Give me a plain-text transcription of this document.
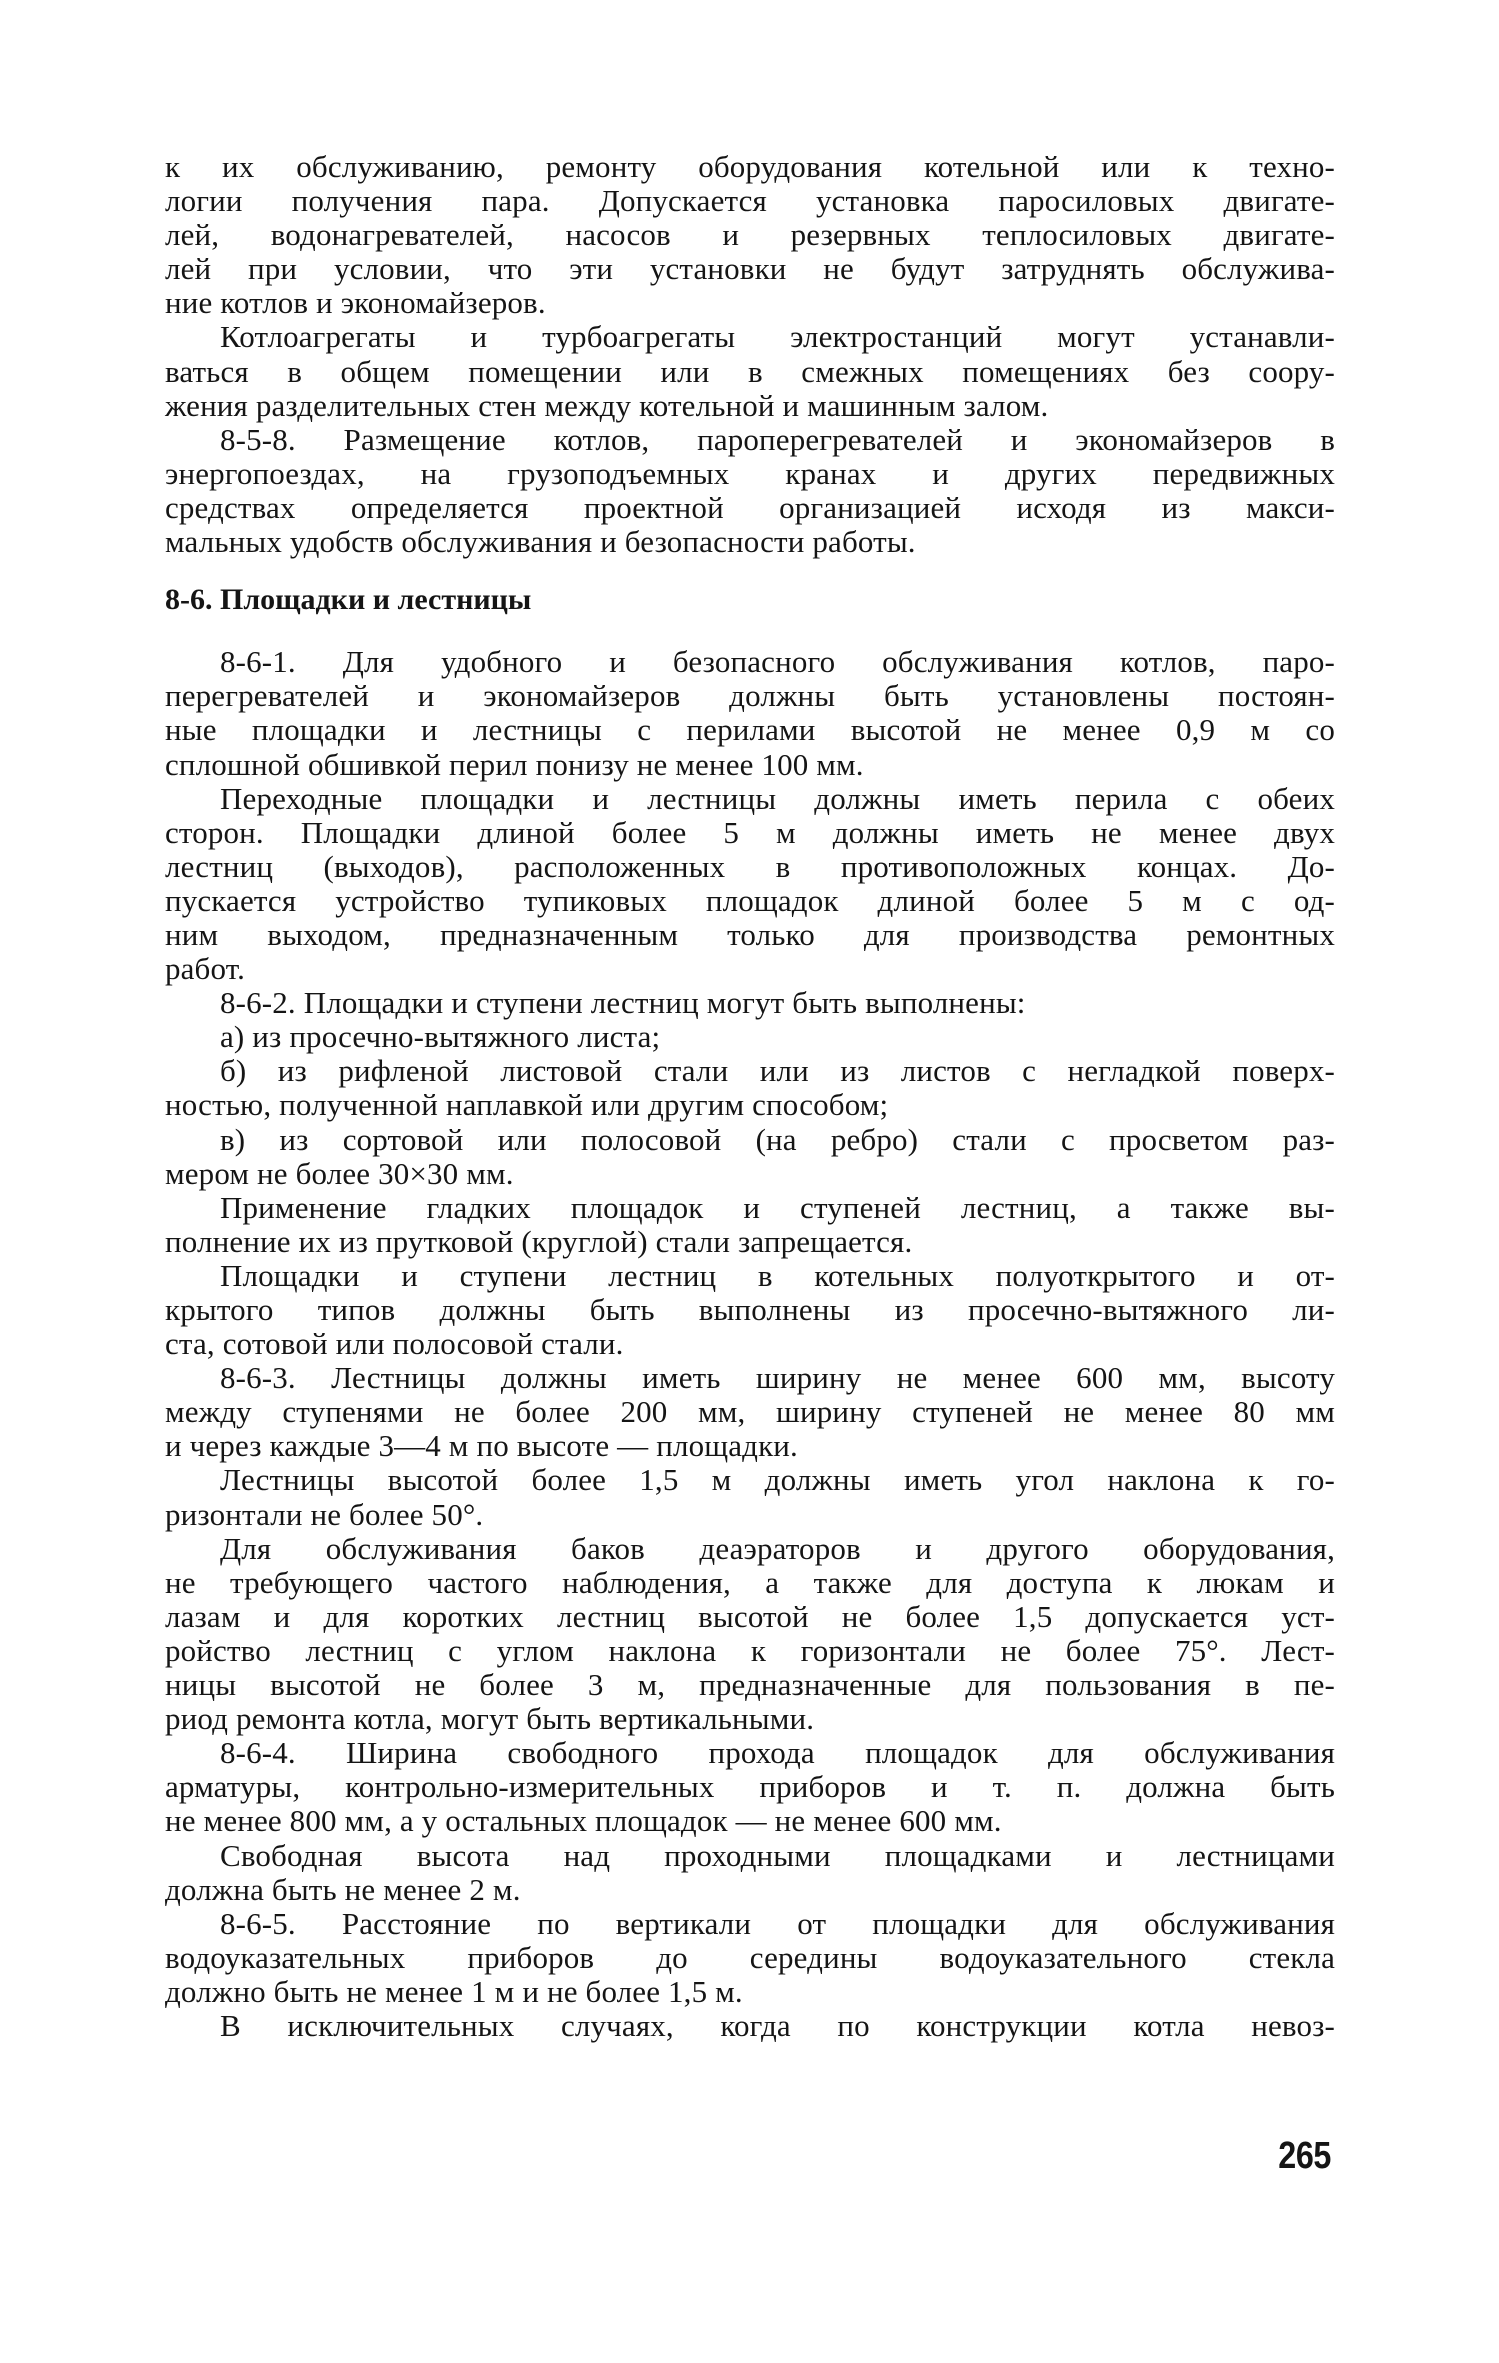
к их обслуживанию, ремонту оборудования котельной или к техно-
логии получения пара. Допускается установка паросиловых двигате-
лей, водонагревателей, насосов и резервных теплосиловых двигате-
лей при условии, что эти установки не будут затруднять обслужива-
ние котлов и экономайзеров.
Котлоагрегаты и турбоагрегаты электростанций могут устанавли-
ваться в общем помещении или в смежных помещениях без соору-
жения разделительных стен между котельной и машинным залом.
8-5-8. Размещение котлов, пароперегревателей и экономайзеров в
энергопоездах, на грузоподъемных кранах и других передвижных
средствах определяется проектной организацией исходя из макси-
мальных удобств обслуживания и безопасности работы.
8-6. Площадки и лестницы
8-6-1. Для удобного и безопасного обслуживания котлов, паро-
перегревателей и экономайзеров должны быть установлены постоян-
ные площадки и лестницы с перилами высотой не менее 0,9 м со
сплошной обшивкой перил понизу не менее 100 мм.
Переходные площадки и лестницы должны иметь перила с обеих
сторон. Площадки длиной более 5 м должны иметь не менее двух
лестниц (выходов), расположенных в противоположных концах. До-
пускается устройство тупиковых площадок длиной более 5 м с од-
ним выходом, предназначенным только для производства ремонтных
работ.
8-6-2. Площадки и ступени лестниц могут быть выполнены:
а) из просечно-вытяжного листа;
б) из рифленой листовой стали или из листов с негладкой поверх-
ностью, полученной наплавкой или другим способом;
в) из сортовой или полосовой (на ребро) стали с просветом раз-
мером не более 30×30 мм.
Применение гладких площадок и ступеней лестниц, а также вы-
полнение их из прутковой (круглой) стали запрещается.
Площадки и ступени лестниц в котельных полуоткрытого и от-
крытого типов должны быть выполнены из просечно-вытяжного ли-
ста, сотовой или полосовой стали.
8-6-3. Лестницы должны иметь ширину не менее 600 мм, высоту
между ступенями не более 200 мм, ширину ступеней не менее 80 мм
и через каждые 3—4 м по высоте — площадки.
Лестницы высотой более 1,5 м должны иметь угол наклона к го-
ризонтали не более 50°.
Для обслуживания баков деаэраторов и другого оборудования,
не требующего частого наблюдения, а также для доступа к люкам и
лазам и для коротких лестниц высотой не более 1,5 допускается уст-
ройство лестниц с углом наклона к горизонтали не более 75°. Лест-
ницы высотой не более 3 м, предназначенные для пользования в пе-
риод ремонта котла, могут быть вертикальными.
8-6-4. Ширина свободного прохода площадок для обслуживания
арматуры, контрольно-измерительных приборов и т. п. должна быть
не менее 800 мм, а у остальных площадок — не менее 600 мм.
Свободная высота над проходными площадками и лестницами
должна быть не менее 2 м.
8-6-5. Расстояние по вертикали от площадки для обслуживания
водоуказательных приборов до середины водоуказательного стекла
должно быть не менее 1 м и не более 1,5 м.
В исключительных случаях, когда по конструкции котла невоз-
265
